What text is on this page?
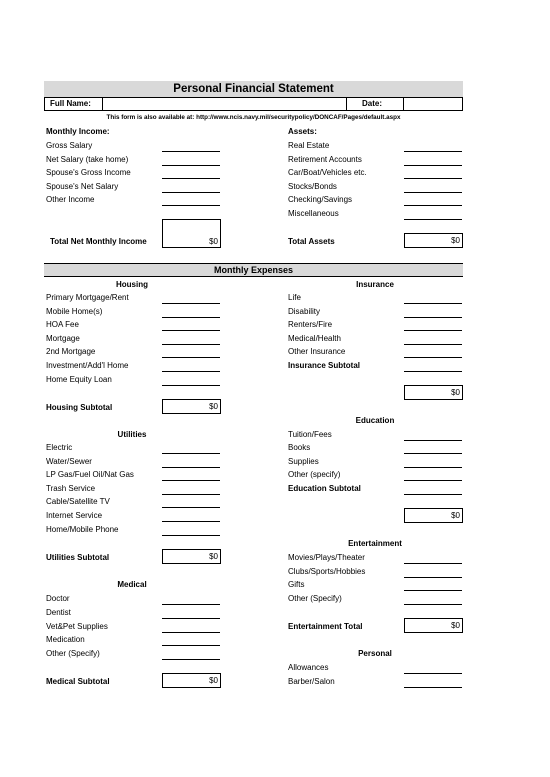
Personal Financial Statement
Full Name:	Date:
This form is also available at: http://www.ncis.navy.mil/securitypolicy/DONCAF/Pages/default.aspx
Monthly Income:
Gross Salary
Net Salary (take home)
Spouse's Gross Income
Spouse's Net Salary
Other Income
Total Net Monthly Income	$0
Assets:
Real Estate
Retirement Accounts
Car/Boat/Vehicles etc.
Stocks/Bonds
Checking/Savings
Miscellaneous
Total Assets	$0
Monthly Expenses
Housing
Primary Mortgage/Rent
Mobile Home(s)
HOA Fee
Mortgage
2nd Mortgage
Investment/Add'l Home
Home Equity Loan
Housing Subtotal	$0
Insurance
Life
Disability
Renters/Fire
Medical/Health
Other Insurance
Insurance Subtotal
$0
Utilities
Electric
Water/Sewer
LP Gas/Fuel Oil/Nat Gas
Trash Service
Cable/Satellite TV
Internet Service
Home/Mobile Phone
Utilities Subtotal	$0
Education
Tuition/Fees
Books
Supplies
Other (specify)
Education Subtotal
$0
Entertainment
Movies/Plays/Theater
Clubs/Sports/Hobbies
Gifts
Other (Specify)
Entertainment Total	$0
Medical
Doctor
Dentist
Vet&Pet Supplies
Medication
Other (Specify)
Medical Subtotal	$0
Personal
Allowances
Barber/Salon
